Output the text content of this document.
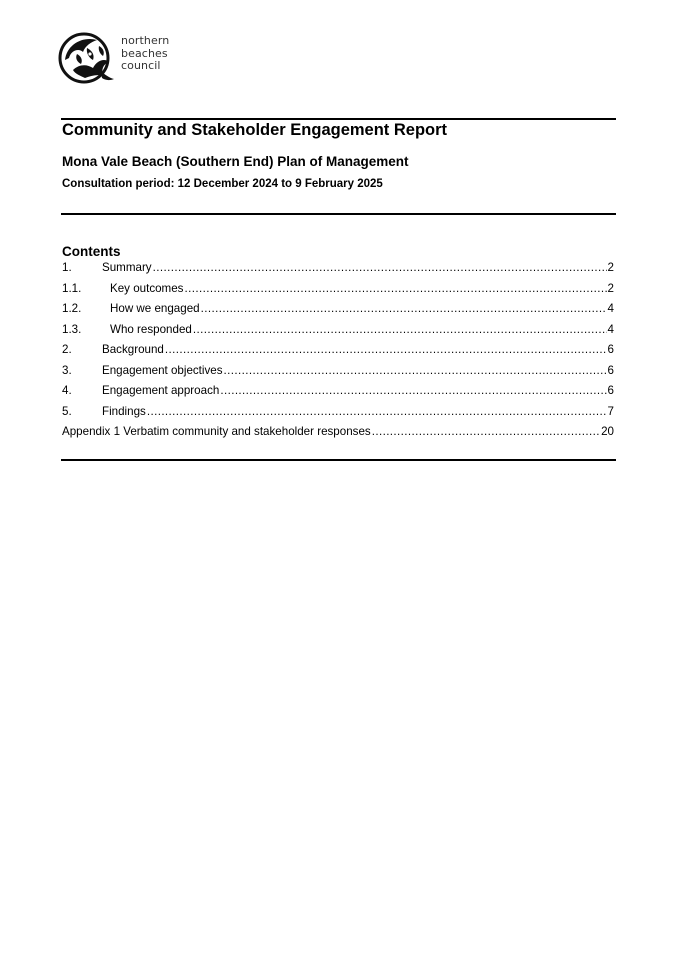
northern
beaches
council
Community and Stakeholder Engagement Report
Mona Vale Beach (Southern End) Plan of Management
Consultation period: 12 December 2024 to 9 February 2025
Contents
1.	Summary .....	2
1.1.	Key outcomes .....	2
1.2.	How we engaged .....	4
1.3.	Who responded .....	4
2.	Background .....	6
3.	Engagement objectives .....	6
4.	Engagement approach .....	6
5.	Findings .....	7
Appendix 1 Verbatim community and stakeholder responses .....	20
